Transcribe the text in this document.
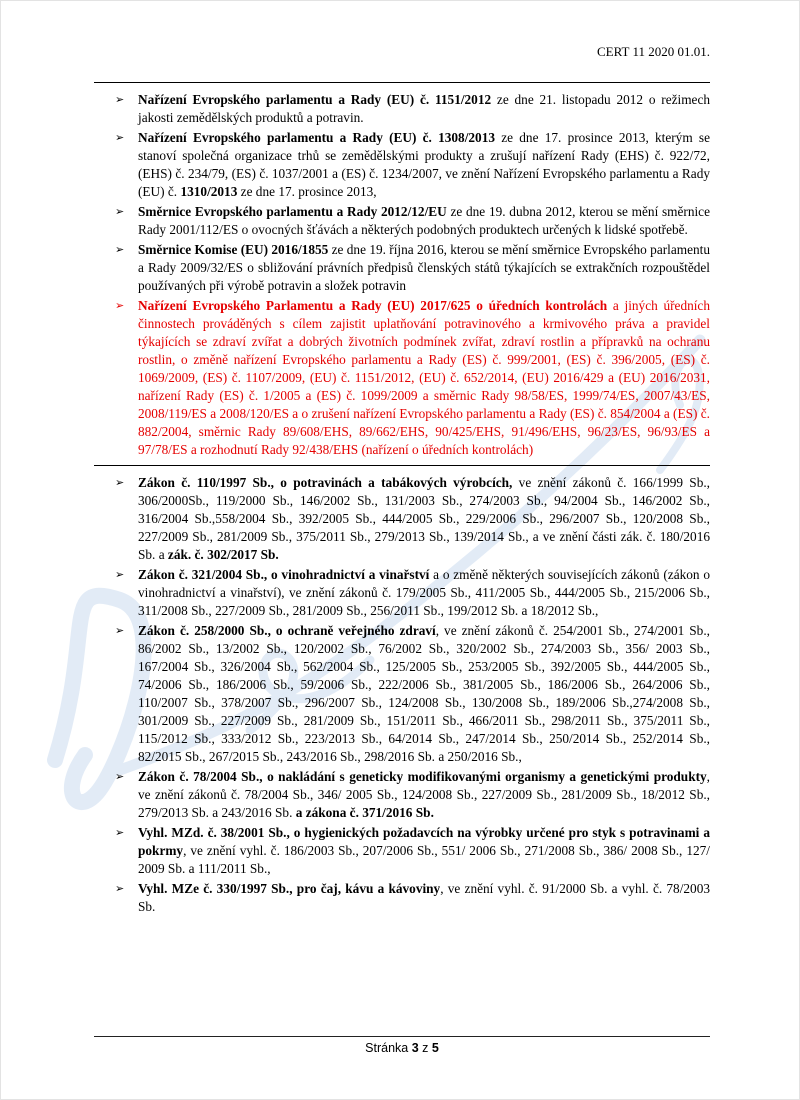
CERT 11 2020 01.01.
➢ Nařízení Evropského parlamentu a Rady (EU) č. 1151/2012 ze dne 21. listopadu 2012 o režimech jakosti zemědělských produktů a potravin.
➢ Nařízení Evropského parlamentu a Rady (EU) č. 1308/2013 ze dne 17. prosince 2013, kterým se stanoví společná organizace trhů se zemědělskými produkty a zrušují nařízení Rady (EHS) č. 922/72, (EHS) č. 234/79, (ES) č. 1037/2001 a (ES) č. 1234/2007, ve znění Nařízení Evropského parlamentu a Rady (EU) č. 1310/2013 ze dne 17. prosince 2013,
➢ Směrnice Evropského parlamentu a Rady 2012/12/EU ze dne 19. dubna 2012, kterou se mění směrnice Rady 2001/112/ES o ovocných šťávách a některých podobných produktech určených k lidské spotřebě.
➢ Směrnice Komise (EU) 2016/1855 ze dne 19. října 2016, kterou se mění směrnice Evropského parlamentu a Rady 2009/32/ES o sbližování právních předpisů členských států týkajících se extrakčních rozpouštědel používaných při výrobě potravin a složek potravin
➢ Nařízení Evropského Parlamentu a Rady (EU) 2017/625 o úředních kontrolách a jiných úředních činnostech prováděných s cílem zajistit uplatňování potravinového a krmivového práva a pravidel týkajících se zdraví zvířat a dobrých životních podmínek zvířat, zdraví rostlin a přípravků na ochranu rostlin, o změně nařízení Evropského parlamentu a Rady (ES) č. 999/2001, (ES) č. 396/2005, (ES) č. 1069/2009, (ES) č. 1107/2009, (EU) č. 1151/2012, (EU) č. 652/2014, (EU) 2016/429 a (EU) 2016/2031, nařízení Rady (ES) č. 1/2005 a (ES) č. 1099/2009 a směrnic Rady 98/58/ES, 1999/74/ES, 2007/43/ES, 2008/119/ES a 2008/120/ES a o zrušení nařízení Evropského parlamentu a Rady (ES) č. 854/2004 a (ES) č. 882/2004, směrnic Rady 89/608/EHS, 89/662/EHS, 90/425/EHS, 91/496/EHS, 96/23/ES, 96/93/ES a 97/78/ES a rozhodnutí Rady 92/438/EHS (nařízení o úředních kontrolách)
➢ Zákon č. 110/1997 Sb., o potravinách a tabákových výrobcích, ve znění zákonů č. 166/1999 Sb., 306/2000Sb., 119/2000 Sb., 146/2002 Sb., 131/2003 Sb., 274/2003 Sb., 94/2004 Sb., 146/2002 Sb., 316/2004 Sb.,558/2004 Sb., 392/2005 Sb., 444/2005 Sb., 229/2006 Sb., 296/2007 Sb., 120/2008 Sb., 227/2009 Sb., 281/2009 Sb., 375/2011 Sb., 279/2013 Sb., 139/2014 Sb., a ve znění části zák. č. 180/2016 Sb. a zák. č. 302/2017 Sb.
➢ Zákon č. 321/2004 Sb., o vinohradnictví a vinařství a o změně některých souvisejících zákonů (zákon o vinohradnictví a vinařství), ve znění zákonů č. 179/2005 Sb., 411/2005 Sb., 444/2005 Sb., 215/2006 Sb., 311/2008 Sb., 227/2009 Sb., 281/2009 Sb., 256/2011 Sb., 199/2012 Sb. a 18/2012 Sb.,
➢ Zákon č. 258/2000 Sb., o ochraně veřejného zdraví, ve znění zákonů č. 254/2001 Sb., 274/2001 Sb., 86/2002 Sb., 13/2002 Sb., 120/2002 Sb., 76/2002 Sb., 320/2002 Sb., 274/2003 Sb., 356/ 2003 Sb., 167/2004 Sb., 326/2004 Sb., 562/2004 Sb., 125/2005 Sb., 253/2005 Sb., 392/2005 Sb., 444/2005 Sb., 74/2006 Sb., 186/2006 Sb., 59/2006 Sb., 222/2006 Sb., 381/2005 Sb., 186/2006 Sb., 264/2006 Sb., 110/2007 Sb., 378/2007 Sb., 296/2007 Sb., 124/2008 Sb., 130/2008 Sb., 189/2006 Sb.,274/2008 Sb., 301/2009 Sb., 227/2009 Sb., 281/2009 Sb., 151/2011 Sb., 466/2011 Sb., 298/2011 Sb., 375/2011 Sb., 115/2012 Sb., 333/2012 Sb., 223/2013 Sb., 64/2014 Sb., 247/2014 Sb., 250/2014 Sb., 252/2014 Sb., 82/2015 Sb., 267/2015 Sb., 243/2016 Sb., 298/2016 Sb. a 250/2016 Sb.,
➢ Zákon č. 78/2004 Sb., o nakládání s geneticky modifikovanými organismy a genetickými produkty, ve znění zákonů č. 78/2004 Sb., 346/ 2005 Sb., 124/2008 Sb., 227/2009 Sb., 281/2009 Sb., 18/2012 Sb., 279/2013 Sb. a 243/2016 Sb. a zákona č. 371/2016 Sb.
➢ Vyhl. MZd. č. 38/2001 Sb., o hygienických požadavcích na výrobky určené pro styk s potravinami a pokrmy, ve znění vyhl. č. 186/2003 Sb., 207/2006 Sb., 551/ 2006 Sb., 271/2008 Sb., 386/ 2008 Sb., 127/ 2009 Sb. a 111/2011 Sb.,
➢ Vyhl. MZe č. 330/1997 Sb., pro čaj, kávu a kávoviny, ve znění vyhl. č. 91/2000 Sb. a vyhl. č. 78/2003 Sb.
Stránka 3 z 5
